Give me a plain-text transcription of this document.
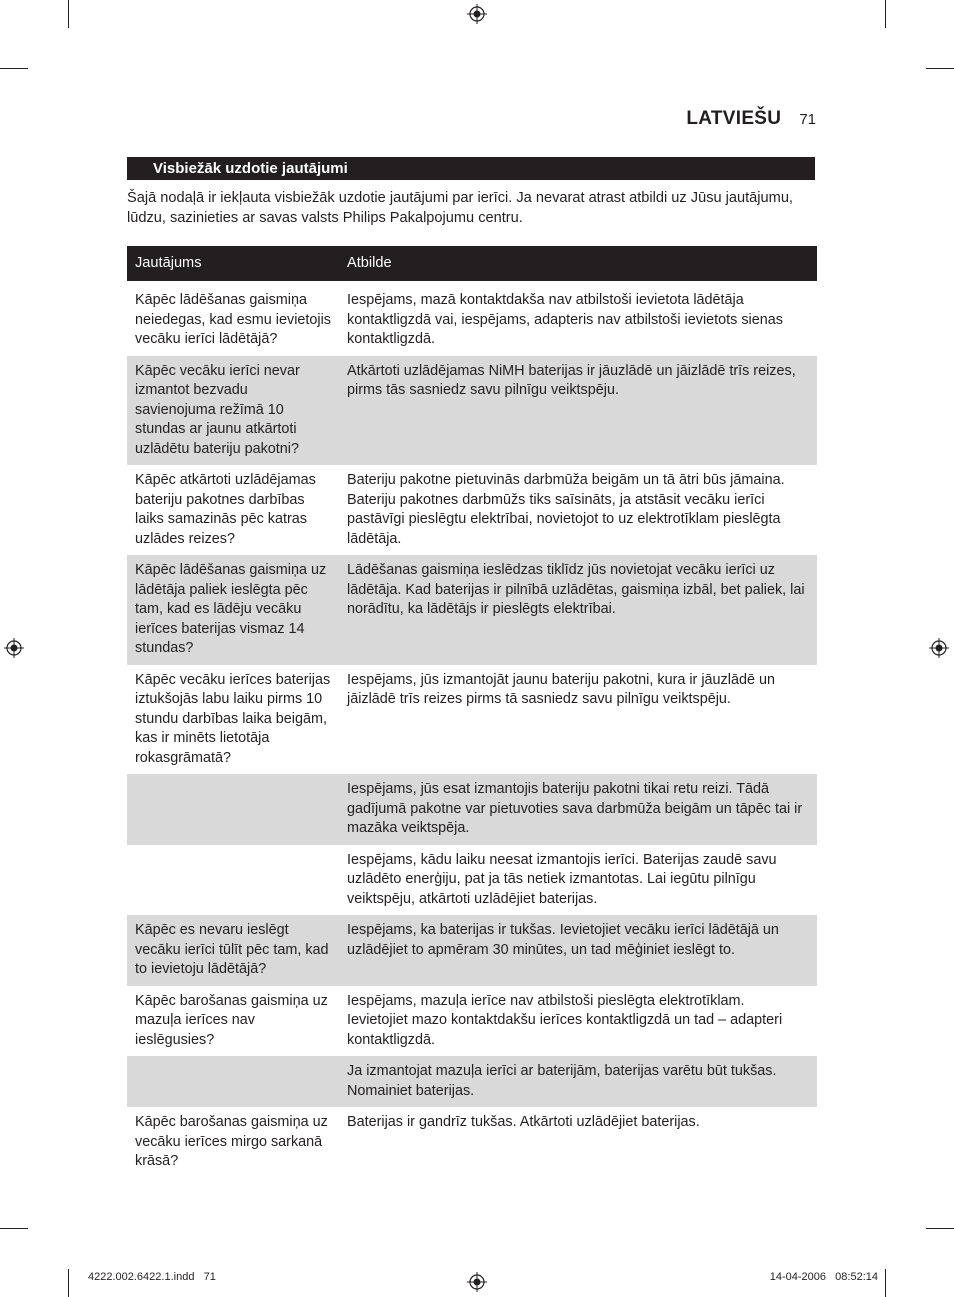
LATVIEŠU 71
Visbiežāk uzdotie jautājumi
Šajā nodaļā ir iekļauta visbiežāk uzdotie jautājumi par ierīci. Ja nevarat atrast atbildi uz Jūsu jautājumu, lūdzu, sazinieties ar savas valsts Philips Pakalpojumu centru.
Jautājums	Atbilde
Kāpēc lādēšanas gaismiņa neiedegas, kad esmu ievietojis vecāku ierīci lādētājā?	Iespējams, mazā kontaktdakša nav atbilstoši ievietota lādētāja kontaktligzdā vai, iespējams, adapteris nav atbilstoši ievietots sienas kontaktligzdā.
Kāpēc vecāku ierīci nevar izmantot bezvadu savienojuma režīmā 10 stundas ar jaunu atkārtoti uzlādētu bateriju pakotni?	Atkārtoti uzlādējamas NiMH baterijas ir jāuzlādē un jāizlādē trīs reizes, pirms tās sasniedz savu pilnīgu veiktspēju.
Kāpēc atkārtoti uzlādējamas bateriju pakotnes darbības laiks samazinās pēc katras uzlādes reizes?	Bateriju pakotne pietuvinās darbmūža beigām un tā ātri būs jāmaina. Bateriju pakotnes darbmūžs tiks saīsināts, ja atstāsit vecāku ierīci pastāvīgi pieslēgtu elektrībai, novietojot to uz elektrotīklam pieslēgta lādētāja.
Kāpēc lādēšanas gaismiņa uz lādētāja paliek ieslēgta pēc tam, kad es lādēju vecāku ierīces baterijas vismaz 14 stundas?	Lādēšanas gaismiņa ieslēdzas tiklīdz jūs novietojat vecāku ierīci uz lādētāja. Kad baterijas ir pilnībā uzlādētas, gaismiņa izbāl, bet paliek, lai norādītu, ka lādētājs ir pieslēgts elektrībai.
Kāpēc vecāku ierīces baterijas iztukšojās labu laiku pirms 10 stundu darbības laika beigām, kas ir minēts lietotāja rokasgrāmatā?	Iespējams, jūs izmantojāt jaunu bateriju pakotni, kura ir jāuzlādē un jāizlādē trīs reizes pirms tā sasniedz savu pilnīgu veiktspēju.
	Iespējams, jūs esat izmantojis bateriju pakotni tikai retu reizi. Tādā gadījumā pakotne var pietuvoties sava darbmūža beigām un tāpēc tai ir mazāka veiktspēja.
	Iespējams, kādu laiku neesat izmantojis ierīci. Baterijas zaudē savu uzlādēto enerģiju, pat ja tās netiek izmantotas. Lai iegūtu pilnīgu veiktspēju, atkārtoti uzlādējiet baterijas.
Kāpēc es nevaru ieslēgt vecāku ierīci tūlīt pēc tam, kad to ievietoju lādētājā?	Iespējams, ka baterijas ir tukšas. Ievietojiet vecāku ierīci lādētājā un uzlādējiet to apmēram 30 minūtes, un tad mēģiniet ieslēgt to.
Kāpēc barošanas gaismiņa uz mazuļa ierīces nav ieslēgusies?	Iespējams, mazuļa ierīce nav atbilstoši pieslēgta elektrotīklam. Ievietojiet mazo kontaktdakšu ierīces kontaktligzdā un tad – adapteri kontaktligzdā.
	Ja izmantojat mazuļa ierīci ar baterijām, baterijas varētu būt tukšas. Nomainiet baterijas.
Kāpēc barošanas gaismiņa uz vecāku ierīces mirgo sarkanā krāsā?	Baterijas ir gandrīz tukšas. Atkārtoti uzlādējiet baterijas.
4222.002.6422.1.indd   71	14-04-2006   08:52:14
